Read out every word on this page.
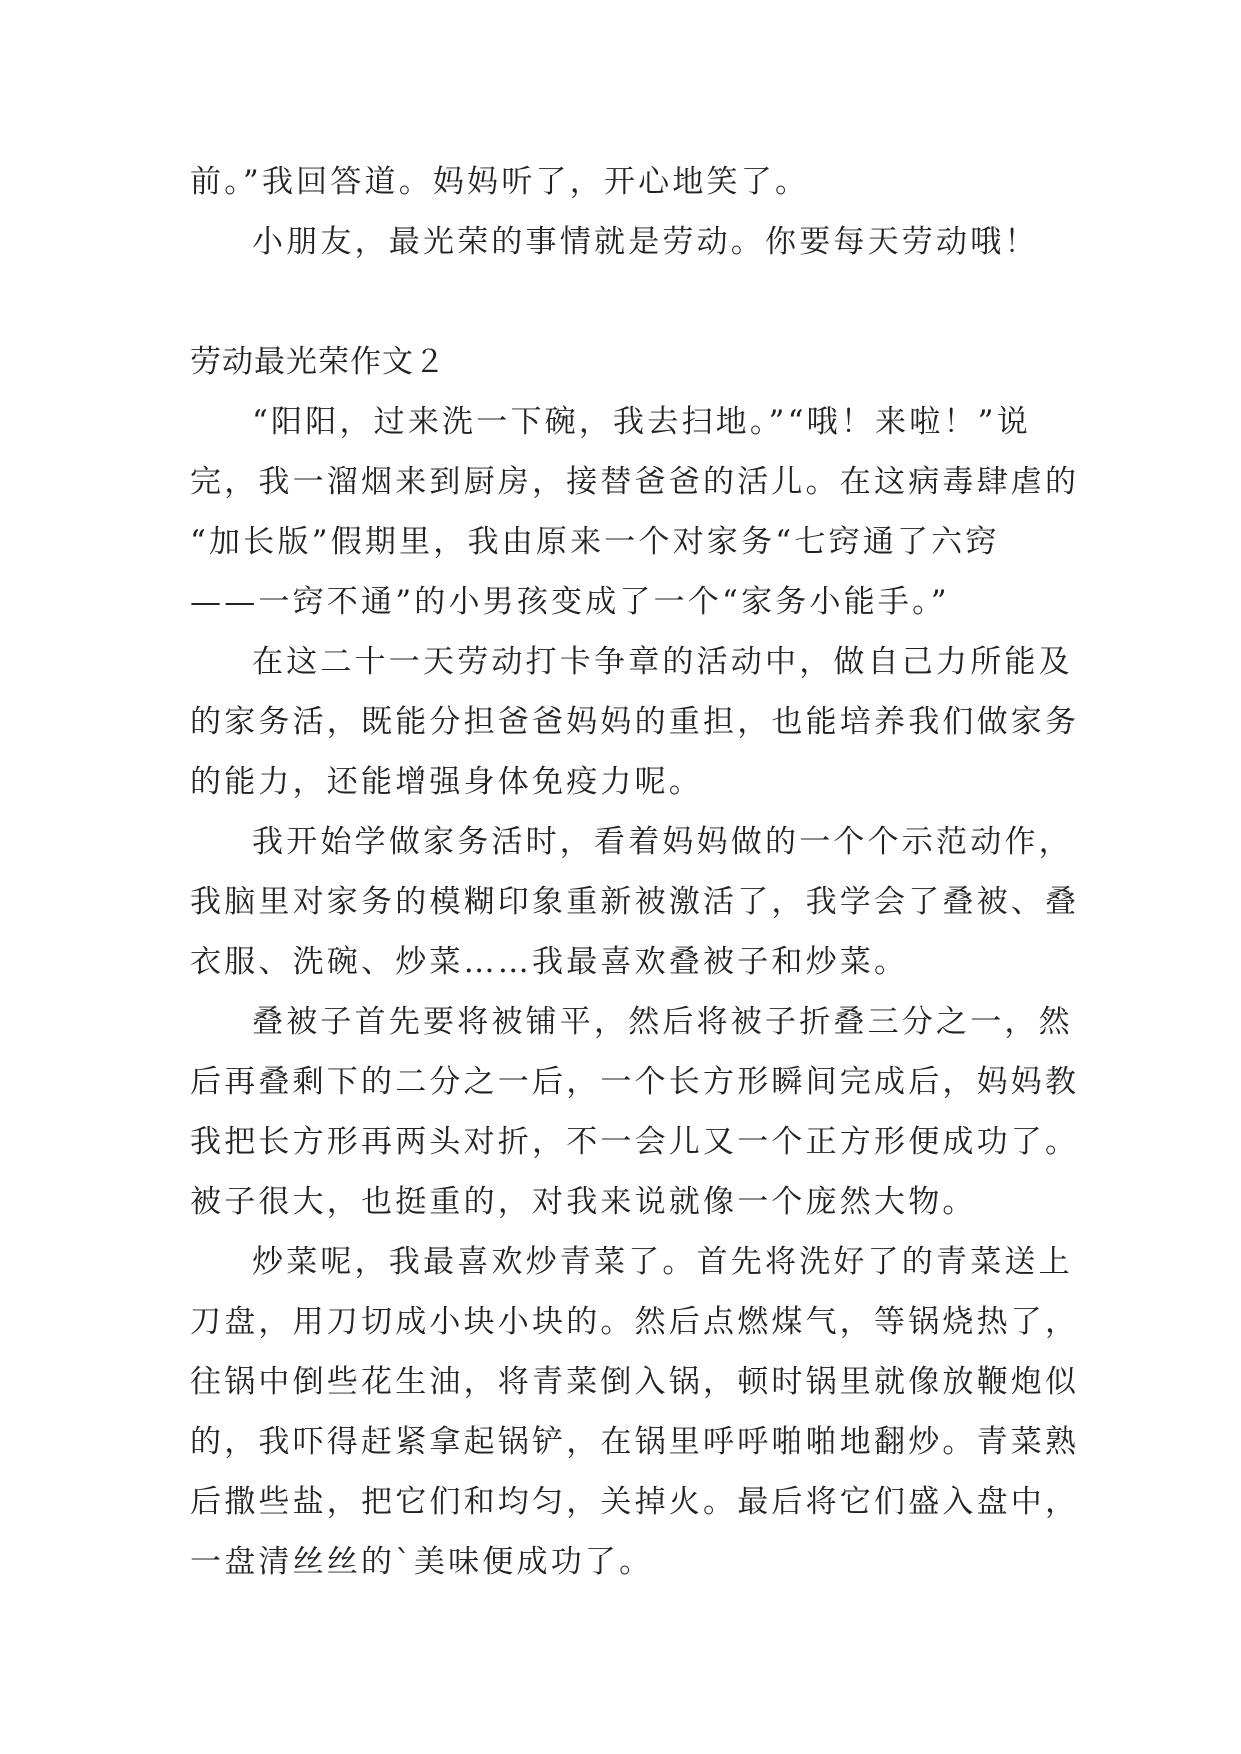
前。”我回答道。妈妈听了，开心地笑了。
小朋友，最光荣的事情就是劳动。你要每天劳动哦！
劳动最光荣作文２
“阳阳，过来洗一下碗，我去扫地。”“哦！来啦！”说
完，我一溜烟来到厨房，接替爸爸的活儿。在这病毒肆虐的
“加长版”假期里，我由原来一个对家务“七窍通了六窍
——一窍不通”的小男孩变成了一个“家务小能手。”
在这二十一天劳动打卡争章的活动中，做自己力所能及
的家务活，既能分担爸爸妈妈的重担，也能培养我们做家务
的能力，还能增强身体免疫力呢。
我开始学做家务活时，看着妈妈做的一个个示范动作，
我脑里对家务的模糊印象重新被激活了，我学会了叠被、叠
衣服、洗碗、炒菜……我最喜欢叠被子和炒菜。
叠被子首先要将被铺平，然后将被子折叠三分之一，然
后再叠剩下的二分之一后，一个长方形瞬间完成后，妈妈教
我把长方形再两头对折，不一会儿又一个正方形便成功了。
被子很大，也挺重的，对我来说就像一个庞然大物。
炒菜呢，我最喜欢炒青菜了。首先将洗好了的青菜送上
刀盘，用刀切成小块小块的。然后点燃煤气，等锅烧热了，
往锅中倒些花生油，将青菜倒入锅，顿时锅里就像放鞭炮似
的，我吓得赶紧拿起锅铲，在锅里呼呼啪啪地翻炒。青菜熟
后撒些盐，把它们和均匀，关掉火。最后将它们盛入盘中，
一盘清丝丝的`美味便成功了。
